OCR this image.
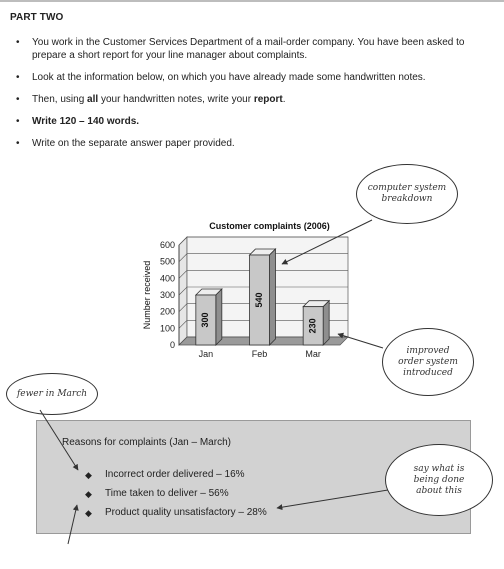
PART TWO
• You work in the Customer Services Department of a mail-order company. You have been asked to prepare a short report for your line manager about complaints.
• Look at the information below, on which you have already made some handwritten notes.
• Then, using all your handwritten notes, write your report.
• Write 120 – 140 words.
• Write on the separate answer paper provided.
Reasons for complaints (Jan – March)
◆ Incorrect order delivered – 16%
◆ Time taken to deliver – 56%
◆ Product quality unsatisfactory – 28%
computer system
breakdown
improved
order system
introduced
fewer in March
say what is
being done
about this
0
100
200
300
400
500
600
300
Jan
540
Feb
230
Mar
Customer complaints (2006)
Number received
